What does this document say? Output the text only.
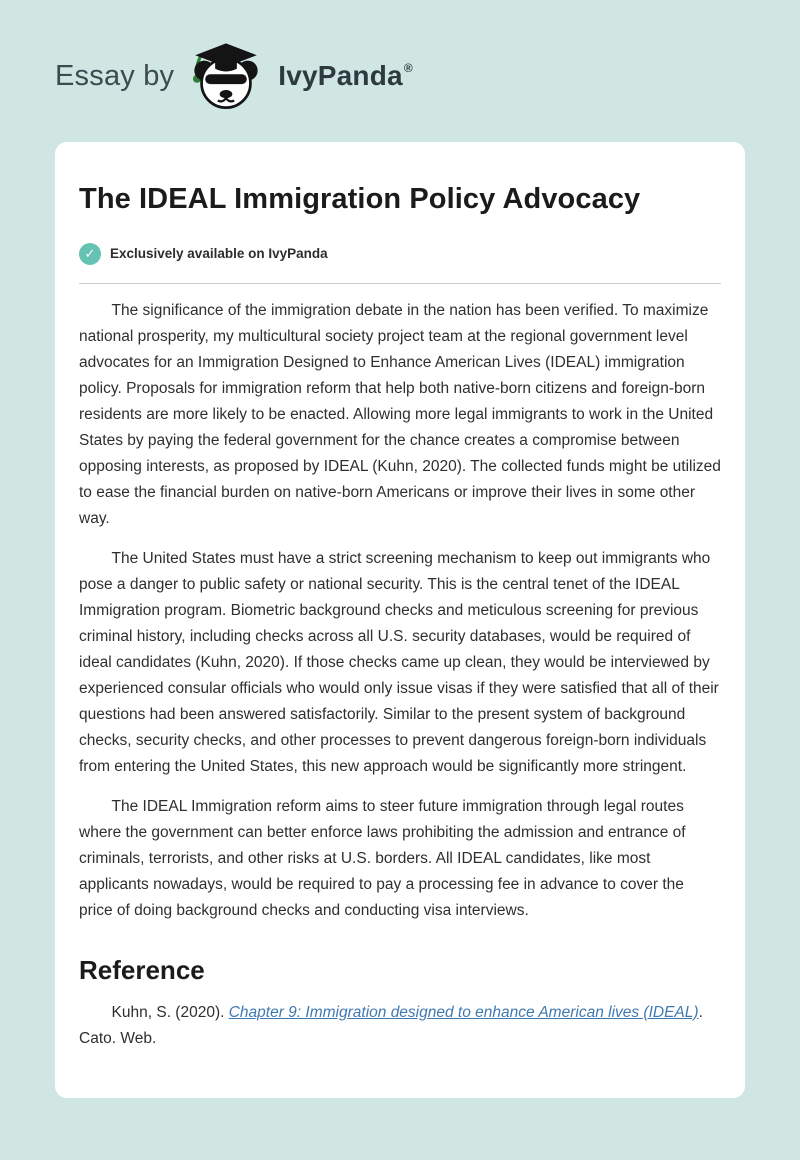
Essay by	IvyPanda ®
The IDEAL Immigration Policy Advocacy
✓	Exclusively available on IvyPanda

The significance of the immigration debate in the nation has been verified. To maximize national prosperity, my multicultural society project team at the regional government level advocates for an Immigration Designed to Enhance American Lives (IDEAL) immigration policy. Proposals for immigration reform that help both native-born citizens and foreign-born residents are more likely to be enacted. Allowing more legal immigrants to work in the United States by paying the federal government for the chance creates a compromise between opposing interests, as proposed by IDEAL (Kuhn, 2020). The collected funds might be utilized to ease the financial burden on native-born Americans or improve their lives in some other way.

The United States must have a strict screening mechanism to keep out immigrants who pose a danger to public safety or national security. This is the central tenet of the IDEAL Immigration program. Biometric background checks and meticulous screening for previous criminal history, including checks across all U.S. security databases, would be required of ideal candidates (Kuhn, 2020). If those checks came up clean, they would be interviewed by experienced consular officials who would only issue visas if they were satisfied that all of their questions had been answered satisfactorily. Similar to the present system of background checks, security checks, and other processes to prevent dangerous foreign-born individuals from entering the United States, this new approach would be significantly more stringent.

The IDEAL Immigration reform aims to steer future immigration through legal routes where the government can better enforce laws prohibiting the admission and entrance of criminals, terrorists, and other risks at U.S. borders. All IDEAL candidates, like most applicants nowadays, would be required to pay a processing fee in advance to cover the price of doing background checks and conducting visa interviews.

Reference

Kuhn, S. (2020). Chapter 9: Immigration designed to enhance American lives (IDEAL). Cato. Web.
